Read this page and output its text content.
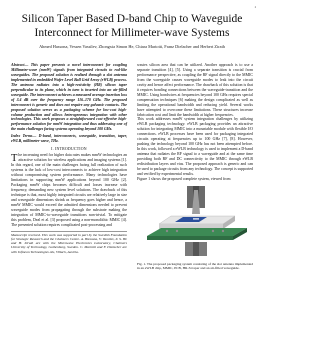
1
Silicon Taper Based D-band Chip to Waveguide Interconnect for Millimeter-wave Systems
Ahmed Hassona, Vessen Vassilev, Zhongxia Simon He, Chiara Mariotti, Franz Dielacher and Herbert Zirath

Abstract— This paper presents a novel interconnect for coupling Millimeter-wave (mmW) signals from integrated circuits to rod-like waveguides. The proposed solution is realized through a slot antenna implemented in embedded Wafer Level Ball Grid Array (eWLB) process. The antenna radiates into a high-resistivity (HR) silicon taper perpendicular to its plane, which in turn is inserted into an air-filled waveguide. The interconnect achieves a measured average insertion loss of 3.4 dB over the frequency range 116–170 GHz. The proposed interconnect is generic and does not require any galvanic contacts. The proposed solution serves as a packaging scheme for low-cost high-volume production and allows heterogeneous integration with other technologies. This work proposes a straightforward cost-effective high-performance solution for mmW integration and thus addressing one of the main challenges facing systems operating beyond 100 GHz.

Index Terms— D-band, interconnects, waveguide, transition, taper, eWLB, millimeter-wave, THz.

I. INTRODUCTION

T he increasing need for higher data rates makes mmW technologies an attractive solution for wireless applications and imaging systems [1]. In this regard, one of the main challenges facing full realization of such systems is the lack of low-cost interconnects to achieve high integration without compromising system performance. Many technologies have limitations in supporting mmW applications beyond 100 GHz [2]. Packaging mmW chips becomes difficult and losses increase with frequency, demanding new system level solutions. The drawback of this technique is that, most highly integrated circuits are relatively large in size and waveguide dimensions shrink as frequency goes higher and hence, a mmW MMIC would exceed the admitted dimensions needed to prevent waveguide modes from propagating through the substrate making the integration of MMIC-to-waveguide transitions non-trivial. To mitigate this problem, Deal et al. [3] proposed using a non-monolithic MMIC [4]. The presented solution requires complicated post-processing and

Manuscript received. This work was supported in part by the Swedish Foundation for Strategic Research and the Chalmers Centre. A. Hassona, V. Vassilev, Z. S. He and H. Zirath are with the Microwave Electronics Laboratory, Chalmers University of Technology, Gothenburg, Sweden. C. Mariotti and F. Dielacher are with Infineon Technologies AG, Villach, Austria.

wastes silicon area that can be utilized. Another approach is to use a separate transition [4], [5]. Using a separate transition is crucial from performance perspective, as coupling the RF signal directly to the MMIC from the waveguide causes waveguide modes to leak into the circuit cavity and hence affect performance. The drawback of this solution is that it requires bonding connections between the waveguide-transition and the MMIC. Using bondwires at frequencies beyond 100 GHz requires special compensation techniques [6] making the design complicated as well as limiting the operational bandwidth and reducing yield. Several works have attempted to overcome these limitations. These structures increase fabrication cost and limit the bandwidth at higher frequencies.

This work addresses mmW system integration challenges by utilizing eWLB packaging technology. eWLB packaging provides an attractive solution for integrating MMIC into a mountable module with flexible I/O connections. eWLB processes have been used for packaging integrated circuits operating at frequencies up to 100 GHz [7], [8]. However, pushing the technology beyond 100 GHz has not been attempted before. In this work, followed a eWLB technology is used to implement a D-band antenna that radiates the RF signal to a waveguide and at the same time providing both RF and DC connectivity to the MMIC through eWLB redistribution layers and vias. The proposed approach is generic and can be used to package circuits from any technology. The concept is supported and verified by experimental results.

Figure 1 shows the proposed complete system, viewed from

Fig. 1. The proposed packaging system consisting of the slot antenna implemented in an eWLB chip, MMIC, PCB, HR-Si taper and an air-filled waveguide.
